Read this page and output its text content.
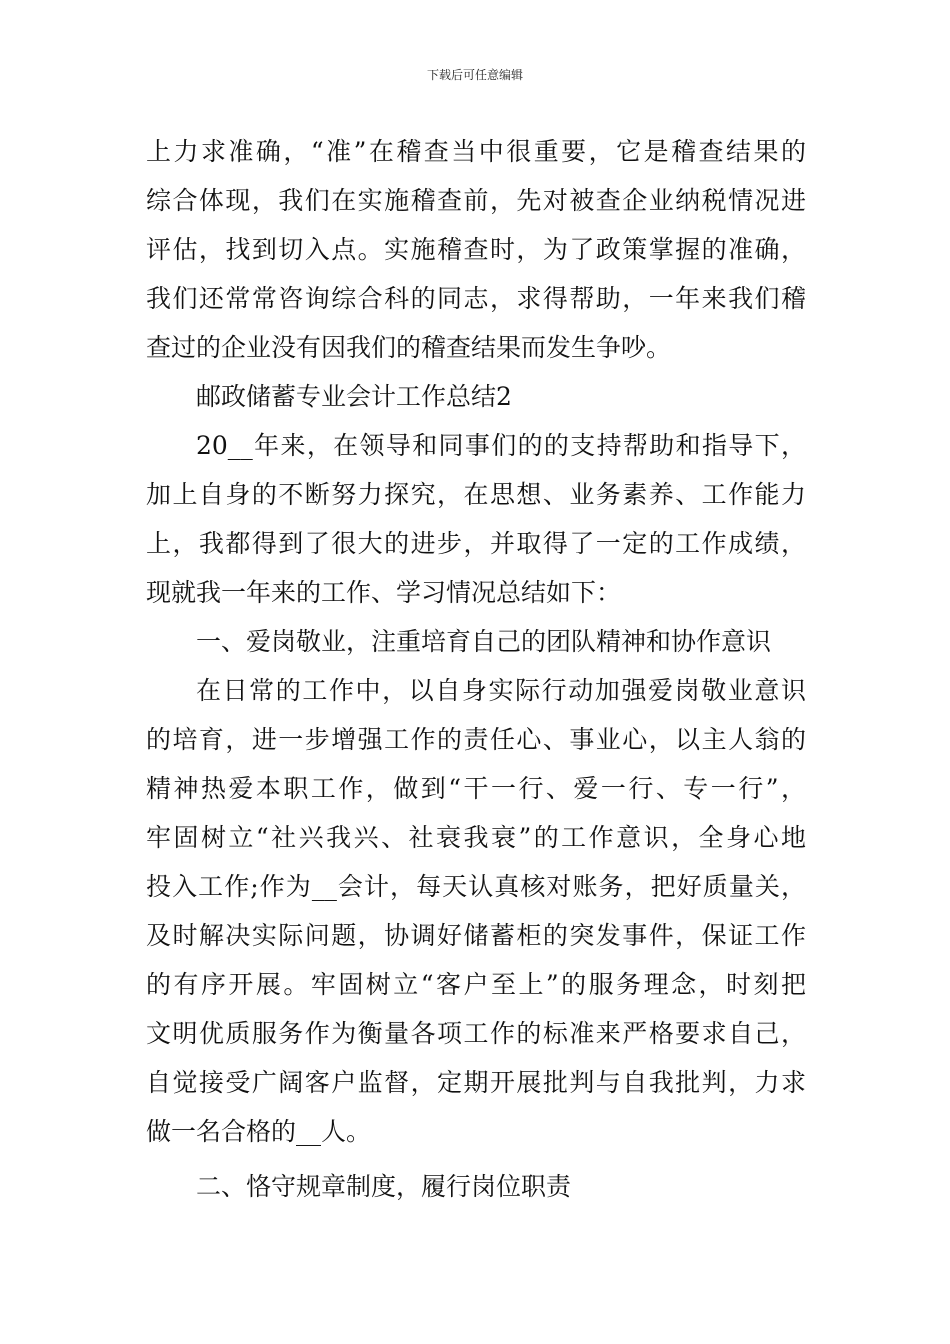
下载后可任意编辑
上力求准确，“准”在稽查当中很重要，它是稽查结果的
综合体现，我们在实施稽查前，先对被查企业纳税情况进
评估，找到切入点。实施稽查时，为了政策掌握的准确，
我们还常常咨询综合科的同志，求得帮助，一年来我们稽
查过的企业没有因我们的稽查结果而发生争吵。
邮政储蓄专业会计工作总结2
20__年来，在领导和同事们的的支持帮助和指导下，
加上自身的不断努力探究，在思想、业务素养、工作能力
上，我都得到了很大的进步，并取得了一定的工作成绩，
现就我一年来的工作、学习情况总结如下：
一、爱岗敬业，注重培育自己的团队精神和协作意识
在日常的工作中，以自身实际行动加强爱岗敬业意识
的培育，进一步增强工作的责任心、事业心，以主人翁的
精神热爱本职工作，做到“干一行、爱一行、专一行”，
牢固树立“社兴我兴、社衰我衰”的工作意识，全身心地
投入工作;作为__会计，每天认真核对账务，把好质量关，
及时解决实际问题，协调好储蓄柜的突发事件，保证工作
的有序开展。牢固树立“客户至上”的服务理念，时刻把
文明优质服务作为衡量各项工作的标准来严格要求自己，
自觉接受广阔客户监督，定期开展批判与自我批判，力求
做一名合格的__人。
二、恪守规章制度，履行岗位职责
